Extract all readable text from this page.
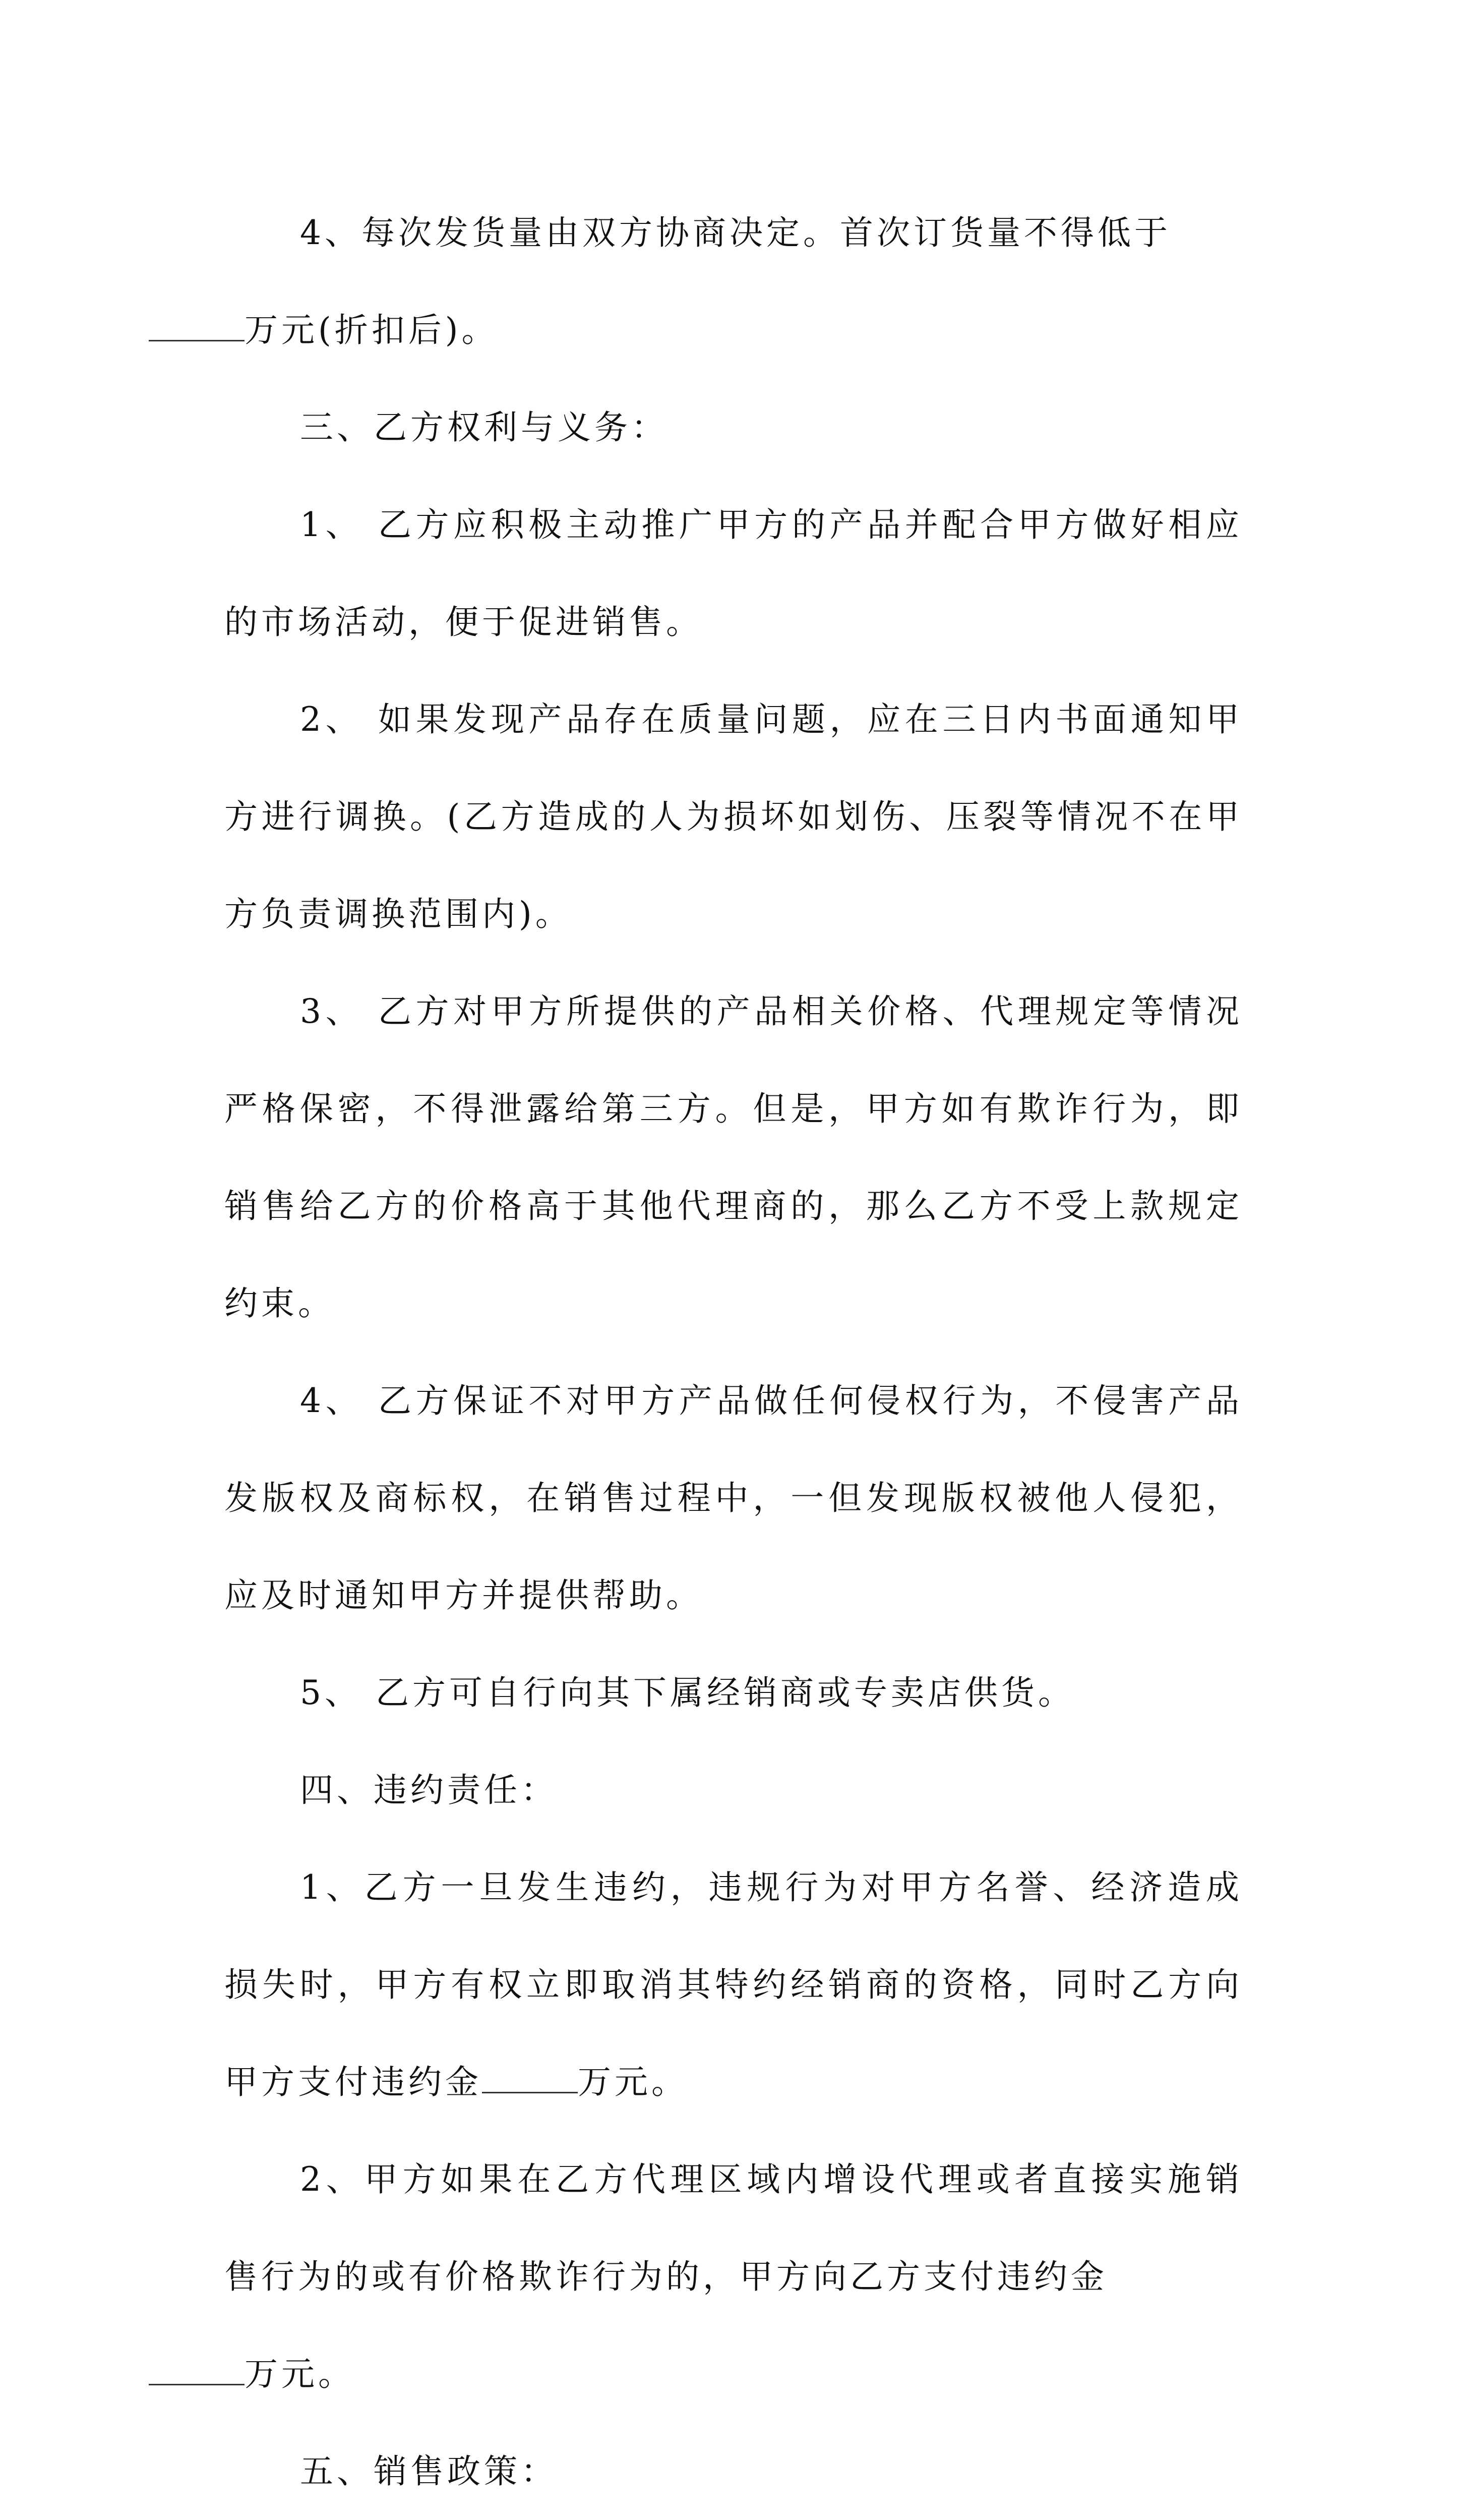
4、每次发货量由双方协商决定。首次订货量不得低于
万元(折扣后)。

三、乙方权利与义务：

1、 乙方应积极主动推广甲方的产品并配合甲方做好相应的市场活动，便于促进销售。

2、 如果发现产品存在质量问题，应在三日内书面通知甲方进行调换。(乙方造成的人为损坏如划伤、压裂等情况不在甲方负责调换范围内)。

3、 乙方对甲方所提供的产品相关价格、代理规定等情况严格保密，不得泄露给第三方。但是，甲方如有欺诈行为，即销售给乙方的价格高于其他代理商的，那么乙方不受上款规定约束。

4、 乙方保证不对甲方产品做任何侵权行为，不侵害产品发版权及商标权，在销售过程中，一但发现版权被他人侵犯，应及时通知甲方并提供帮助。

5、 乙方可自行向其下属经销商或专卖店供货。

四、违约责任：

1、乙方一旦发生违约，违规行为对甲方名誉、经济造成损失时，甲方有权立即取消其特约经销商的资格，同时乙方向甲方支付违约金	万元。

2、甲方如果在乙方代理区域内增设代理或者直接实施销售行为的或有价格欺诈行为的，甲方向乙方支付违约金
万元。

五、销售政策：
